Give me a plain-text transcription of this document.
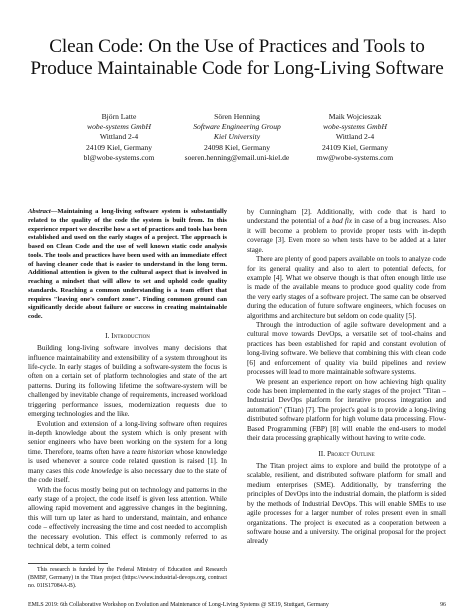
Clean Code: On the Use of Practices and Tools to Produce Maintainable Code for Long-Living Software
Björn Latte
wobe-systems GmbH
Wittland 2-4
24109 Kiel, Germany
bl@wobe-systems.com
Sören Henning
Software Engineering Group
Kiel University
24098 Kiel, Germany
soeren.henning@email.uni-kiel.de
Maik Wojcieszak
wobe-systems GmbH
Wittland 2-4
24109 Kiel, Germany
mw@wobe-systems.com

Abstract—Maintaining a long-living software system is substantially related to the quality of the code the system is built from. In this experience report we describe how a set of practices and tools has been established and used on the early stages of a project. The approach is based on Clean Code and the use of well known static code analysis tools. The tools and practices have been used with an immediate effect of having cleaner code that is easier to understand in the long term. Additional attention is given to the cultural aspect that is involved in reaching a mindset that will allow to set and uphold code quality standards. Reaching a common understanding is a team effort that requires "leaving one's comfort zone". Finding common ground can significantly decide about failure or success in creating maintainable code.

I. Introduction

Building long-living software involves many decisions that influence maintainability and extensibility of a system throughout its life-cycle. In early stages of building a software-system the focus is often on a certain set of platform technologies and state of the art patterns. During its following lifetime the software-system will be challenged by inevitable change of requirements, increased workload triggering performance issues, modernization requests due to emerging technologies and the like.

Evolution and extension of a long-living software often requires in-depth knowledge about the system which is only present with senior engineers who have been working on the system for a long time. Therefore, teams often have a team historian whose knowledge is used whenever a source code related question is raised [1]. In many cases this code knowledge is also necessary due to the state of the code itself.

With the focus mostly being put on technology and patterns in the early stage of a project, the code itself is given less attention. While allowing rapid movement and aggressive changes in the beginning, this will turn up later as hard to understand, maintain, and enhance code – effectively increasing the time and cost needed to accomplish the necessary evolution. This effect is commonly referred to as technical debt, a term coined

by Cunningham [2]. Additionally, with code that is hard to understand the potential of a bad fix in case of a bug increases. Also it will become a problem to provide proper tests with in-depth coverage [3]. Even more so when tests have to be added at a later stage.

There are plenty of good papers available on tools to analyze code for its general quality and also to alert to potential defects, for example [4]. What we observe though is that often enough little use is made of the available means to produce good quality code from the very early stages of a software project. The same can be observed during the education of future software engineers, which focuses on algorithms and architecture but seldom on code quality [5].

Through the introduction of agile software development and a cultural move towards DevOps, a versatile set of tool-chains and practices has been established for rapid and constant evolution of long-living software. We believe that combining this with clean code [6] and enforcement of quality via build pipelines and review processes will lead to more maintainable software systems.

We present an experience report on how achieving high quality code has been implemented in the early stages of the project "Titan – Industrial DevOps platform for iterative process integration and automation" (Titan) [7]. The project's goal is to provide a long-living distributed software platform for high volume data processing. Flow-Based Programming (FBP) [8] will enable the end-users to model their data processing graphically without having to write code.

II. Project Outline

The Titan project aims to explore and build the prototype of a scalable, resilient, and distributed software platform for small and medium enterprises (SME). Additionally, by transferring the principles of DevOps into the industrial domain, the platform is sided by the methods of Industrial DevOps. This will enable SMEs to use agile processes for a larger number of roles present even in small organizations. The project is executed as a cooperation between a software house and a university. The original proposal for the project already

This research is funded by the Federal Ministry of Education and Research (BMBF, Germany) in the Titan project (https://www.industrial-devops.org, contract no. 01IS17084A-B).

EMLS 2019: 6th Collaborative Workshop on Evolution and Maintenance of Long-Living Systems @ SE19, Stuttgart, Germany	96
